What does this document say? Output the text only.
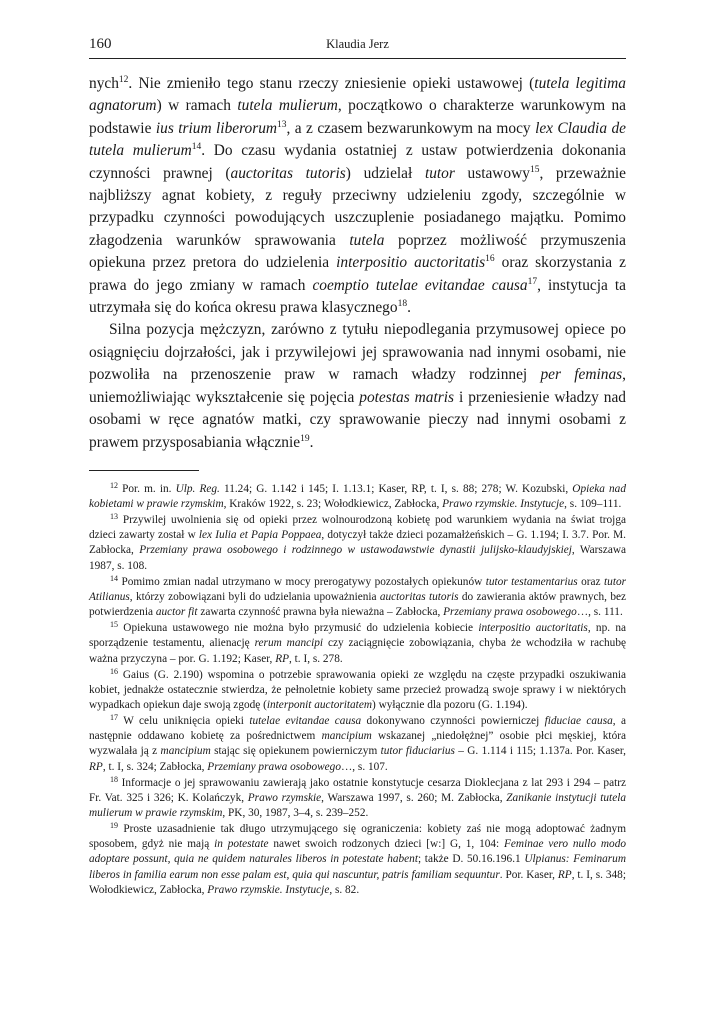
160	Klaudia Jerz

nych$^{12}$. Nie zmieniło tego stanu rzeczy zniesienie opieki ustawowej (tutela legitima agnatorum) w ramach tutela mulierum, początkowo o charakterze warunkowym na podstawie ius trium liberorum$^{13}$, a z czasem bezwarunkowym na mocy lex Claudia de tutela mulierum$^{14}$. Do czasu wydania ostatniej z ustaw potwierdzenia dokonania czynności prawnej (auctoritas tutoris) udzielał tutor ustawowy$^{15}$, przeważnie najbliższy agnat kobiety, z reguły przeciwny udzieleniu zgody, szczególnie w przypadku czynności powodujących uszczuplenie posiadanego majątku. Pomimo złagodzenia warunków sprawowania tutela poprzez możliwość przymuszenia opiekuna przez pretora do udzielenia interpositio auctoritatis$^{16}$ oraz skorzystania z prawa do jego zmiany w ramach coemptio tutelae evitandae causa$^{17}$, instytucja ta utrzymała się do końca okresu prawa klasycznego$^{18}$.

Silna pozycja mężczyzn, zarówno z tytułu niepodlegania przymusowej opiece po osiągnięciu dojrzałości, jak i przywilejowi jej sprawowania nad innymi osobami, nie pozwoliła na przenoszenie praw w ramach władzy rodzinnej per feminas, uniemożliwiając wykształcenie się pojęcia potestas matris i przeniesienie władzy nad osobami w ręce agnatów matki, czy sprawowanie pieczy nad innymi osobami z prawem przysposabiania włącznie$^{19}$.

$^{12}$ Por. m. in. Ulp. Reg. 11.24; G. 1.142 i 145; I. 1.13.1; Kaser, RP, t. I, s. 88; 278; W. Kozubski, Opieka nad kobietami w prawie rzymskim, Kraków 1922, s. 23; Wołodkiewicz, Zabłocka, Prawo rzymskie. Instytucje, s. 109–111.

$^{13}$ Przywilej uwolnienia się od opieki przez wolnourodzoną kobietę pod warunkiem wydania na świat trojga dzieci zawarty został w lex Iulia et Papia Poppaea, dotyczył także dzieci pozamałżeńskich – G. 1.194; I. 3.7. Por. M. Zabłocka, Przemiany prawa osobowego i rodzinnego w ustawodawstwie dynastii julijsko-klaudyjskiej, Warszawa 1987, s. 108.

$^{14}$ Pomimo zmian nadal utrzymano w mocy prerogatywy pozostałych opiekunów tutor testamentarius oraz tutor Atilianus, którzy zobowiązani byli do udzielania upoważnienia auctoritas tutoris do zawierania aktów prawnych, bez potwierdzenia auctor fit zawarta czynność prawna była nieważna – Zabłocka, Przemiany prawa osobowego…, s. 111.

$^{15}$ Opiekuna ustawowego nie można było przymusić do udzielenia kobiecie interpositio auctoritatis, np. na sporządzenie testamentu, alienację rerum mancipi czy zaciągnięcie zobowiązania, chyba że wchodziła w rachubę ważna przyczyna – por. G. 1.192; Kaser, RP, t. I, s. 278.

$^{16}$ Gaius (G. 2.190) wspomina o potrzebie sprawowania opieki ze względu na częste przypadki oszukiwania kobiet, jednakże ostatecznie stwierdza, że pełnoletnie kobiety same przecież prowadzą swoje sprawy i w niektórych wypadkach opiekun daje swoją zgodę (interponit auctoritatem) wyłącznie dla pozoru (G. 1.194).

$^{17}$ W celu uniknięcia opieki tutelae evitandae causa dokonywano czynności powierniczej fiduciae causa, a następnie oddawano kobietę za pośrednictwem mancipium wskazanej „niedołężnej” osobie płci męskiej, która wyzwalała ją z mancipium stając się opiekunem powierniczym tutor fiduciarius – G. 1.114 i 115; 1.137a. Por. Kaser, RP, t. I, s. 324; Zabłocka, Przemiany prawa osobowego…, s. 107.

$^{18}$ Informacje o jej sprawowaniu zawierają jako ostatnie konstytucje cesarza Dioklecjana z lat 293 i 294 – patrz Fr. Vat. 325 i 326; K. Kolańczyk, Prawo rzymskie, Warszawa 1997, s. 260; M. Zabłocka, Zanikanie instytucji tutela mulierum w prawie rzymskim, PK, 30, 1987, 3–4, s. 239–252.

$^{19}$ Proste uzasadnienie tak długo utrzymującego się ograniczenia: kobiety zaś nie mogą adoptować żadnym sposobem, gdyż nie mają in potestate nawet swoich rodzonych dzieci [w:] G, 1, 104: Feminae vero nullo modo adoptare possunt, quia ne quidem naturales liberos in potestate habent; także D. 50.16.196.1 Ulpianus: Feminarum liberos in familia earum non esse palam est, quia qui nascuntur, patris familiam sequuntur. Por. Kaser, RP, t. I, s. 348; Wołodkiewicz, Zabłocka, Prawo rzymskie. Instytucje, s. 82.
